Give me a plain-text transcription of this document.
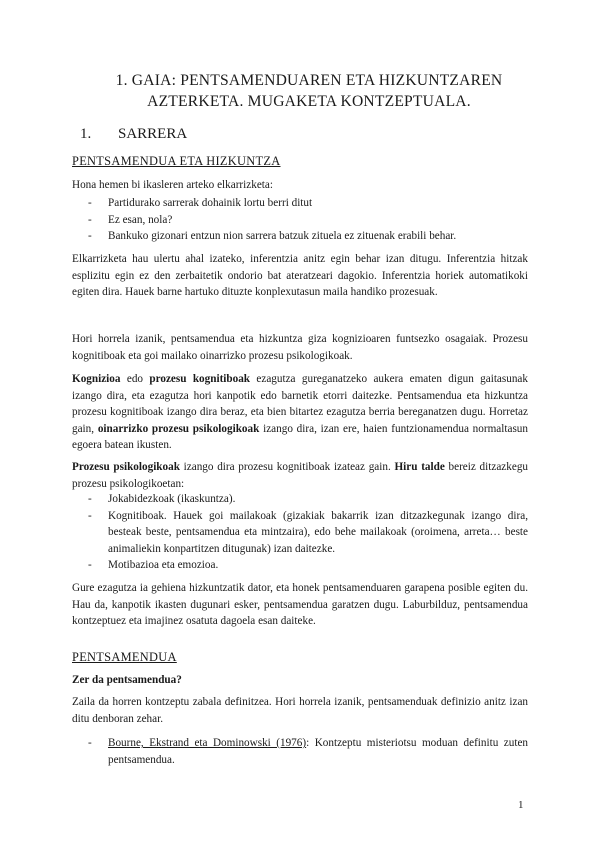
1. GAIA: PENTSAMENDUAREN ETA HIZKUNTZAREN
AZTERKETA. MUGAKETA KONTZEPTUALA.
1.	SARRERA
PENTSAMENDUA ETA HIZKUNTZA

Hona hemen bi ikasleren arteko elkarrizketa:

- Partidurako sarrerak dohainik lortu berri ditut
- Ez esan, nola?
- Bankuko gizonari entzun nion sarrera batzuk zituela ez zituenak erabili behar.

Elkarrizketa hau ulertu ahal izateko, inferentzia anitz egin behar izan ditugu. Inferentzia hitzak esplizitu egin ez den zerbaitetik ondorio bat ateratzeari dagokio. Inferentzia horiek automatikoki egiten dira. Hauek barne hartuko dituzte konplexutasun maila handiko prozesuak.

Hori horrela izanik, pentsamendua eta hizkuntza giza kognizioaren funtsezko osagaiak. Prozesu kognitiboak eta goi mailako oinarrizko prozesu psikologikoak.

Kognizioa edo prozesu kognitiboak ezagutza gureganatzeko aukera ematen digun gaitasunak izango dira, eta ezagutza hori kanpotik edo barnetik etorri daitezke. Pentsamendua eta hizkuntza prozesu kognitiboak izango dira beraz, eta bien bitartez ezagutza berria bereganatzen dugu. Horretaz gain, oinarrizko prozesu psikologikoak izango dira, izan ere, haien funtzionamendua normaltasun egoera batean ikusten.

Prozesu psikologikoak izango dira prozesu kognitiboak izateaz gain. Hiru talde bereiz ditzazkegu prozesu psikologikoetan:

- Jokabidezkoak (ikaskuntza).
- Kognitiboak. Hauek goi mailakoak (gizakiak bakarrik izan ditzazkegunak izango dira, besteak beste, pentsamendua eta mintzaira), edo behe mailakoak (oroimena, arreta… beste animaliekin konpartitzen ditugunak) izan daitezke.
- Motibazioa eta emozioa.

Gure ezagutza ia gehiena hizkuntzatik dator, eta honek pentsamenduaren garapena posible egiten du. Hau da, kanpotik ikasten dugunari esker, pentsamendua garatzen dugu. Laburbilduz, pentsamendua kontzeptuez eta imajinez osatuta dagoela esan daiteke.

PENTSAMENDUA

Zer da pentsamendua?

Zaila da horren kontzeptu zabala definitzea. Hori horrela izanik, pentsamenduak definizio anitz izan ditu denboran zehar.

- Bourne, Ekstrand eta Dominowski (1976): Kontzeptu misteriotsu moduan definitu zuten pentsamendua.
1
